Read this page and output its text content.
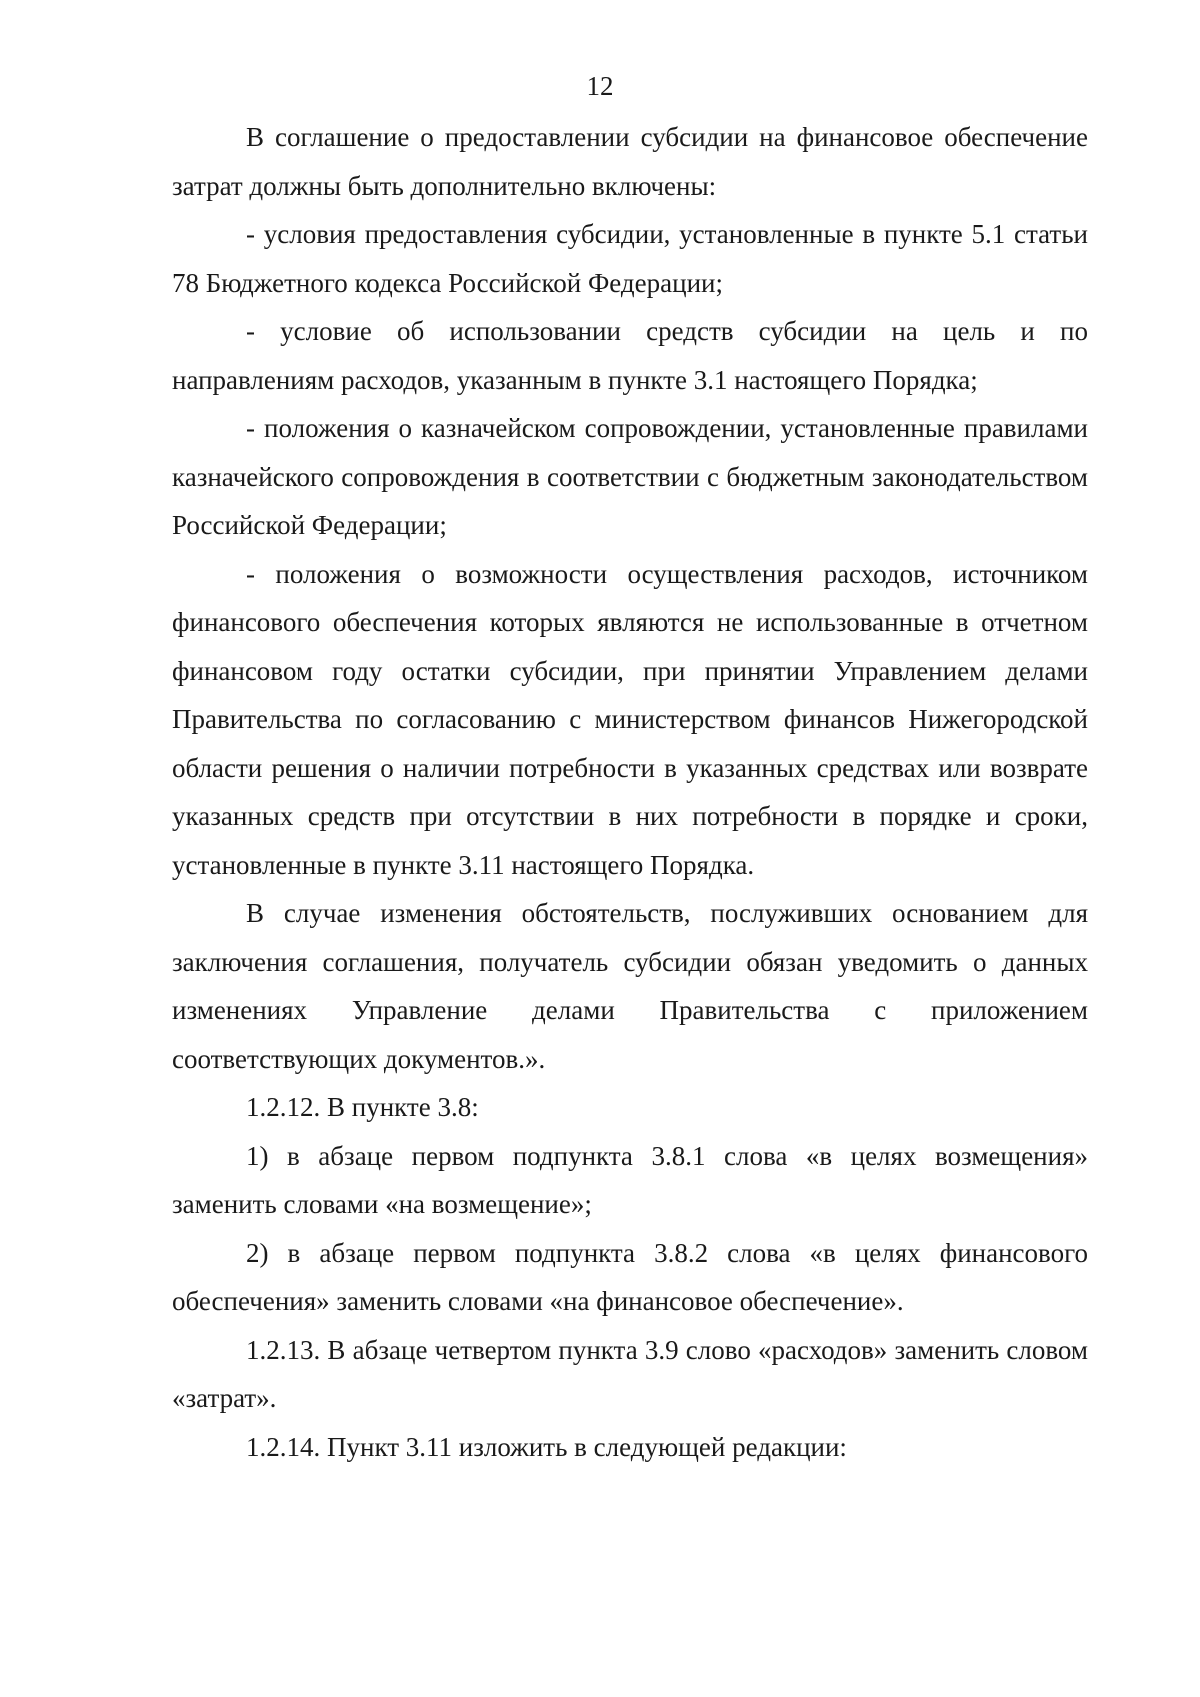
12

В соглашение о предоставлении субсидии на финансовое обеспечение затрат должны быть дополнительно включены:

- условия предоставления субсидии, установленные в пункте 5.1 статьи 78 Бюджетного кодекса Российской Федерации;

- условие об использовании средств субсидии на цель и по направлениям расходов, указанным в пункте 3.1 настоящего Порядка;

- положения о казначейском сопровождении, установленные правилами казначейского сопровождения в соответствии с бюджетным законодательством Российской Федерации;

- положения о возможности осуществления расходов, источником финансового обеспечения которых являются не использованные в отчетном финансовом году остатки субсидии, при принятии Управлением делами Правительства по согласованию с министерством финансов Нижегородской области решения о наличии потребности в указанных средствах или возврате указанных средств при отсутствии в них потребности в порядке и сроки, установленные в пункте 3.11 настоящего Порядка.

В случае изменения обстоятельств, послуживших основанием для заключения соглашения, получатель субсидии обязан уведомить о данных изменениях Управление делами Правительства с приложением соответствующих документов.».

1.2.12. В пункте 3.8:

1) в абзаце первом подпункта 3.8.1 слова «в целях возмещения» заменить словами «на возмещение»;

2) в абзаце первом подпункта 3.8.2 слова «в целях финансового обеспечения» заменить словами «на финансовое обеспечение».

1.2.13. В абзаце четвертом пункта 3.9 слово «расходов» заменить словом «затрат».

1.2.14. Пункт 3.11 изложить в следующей редакции:
